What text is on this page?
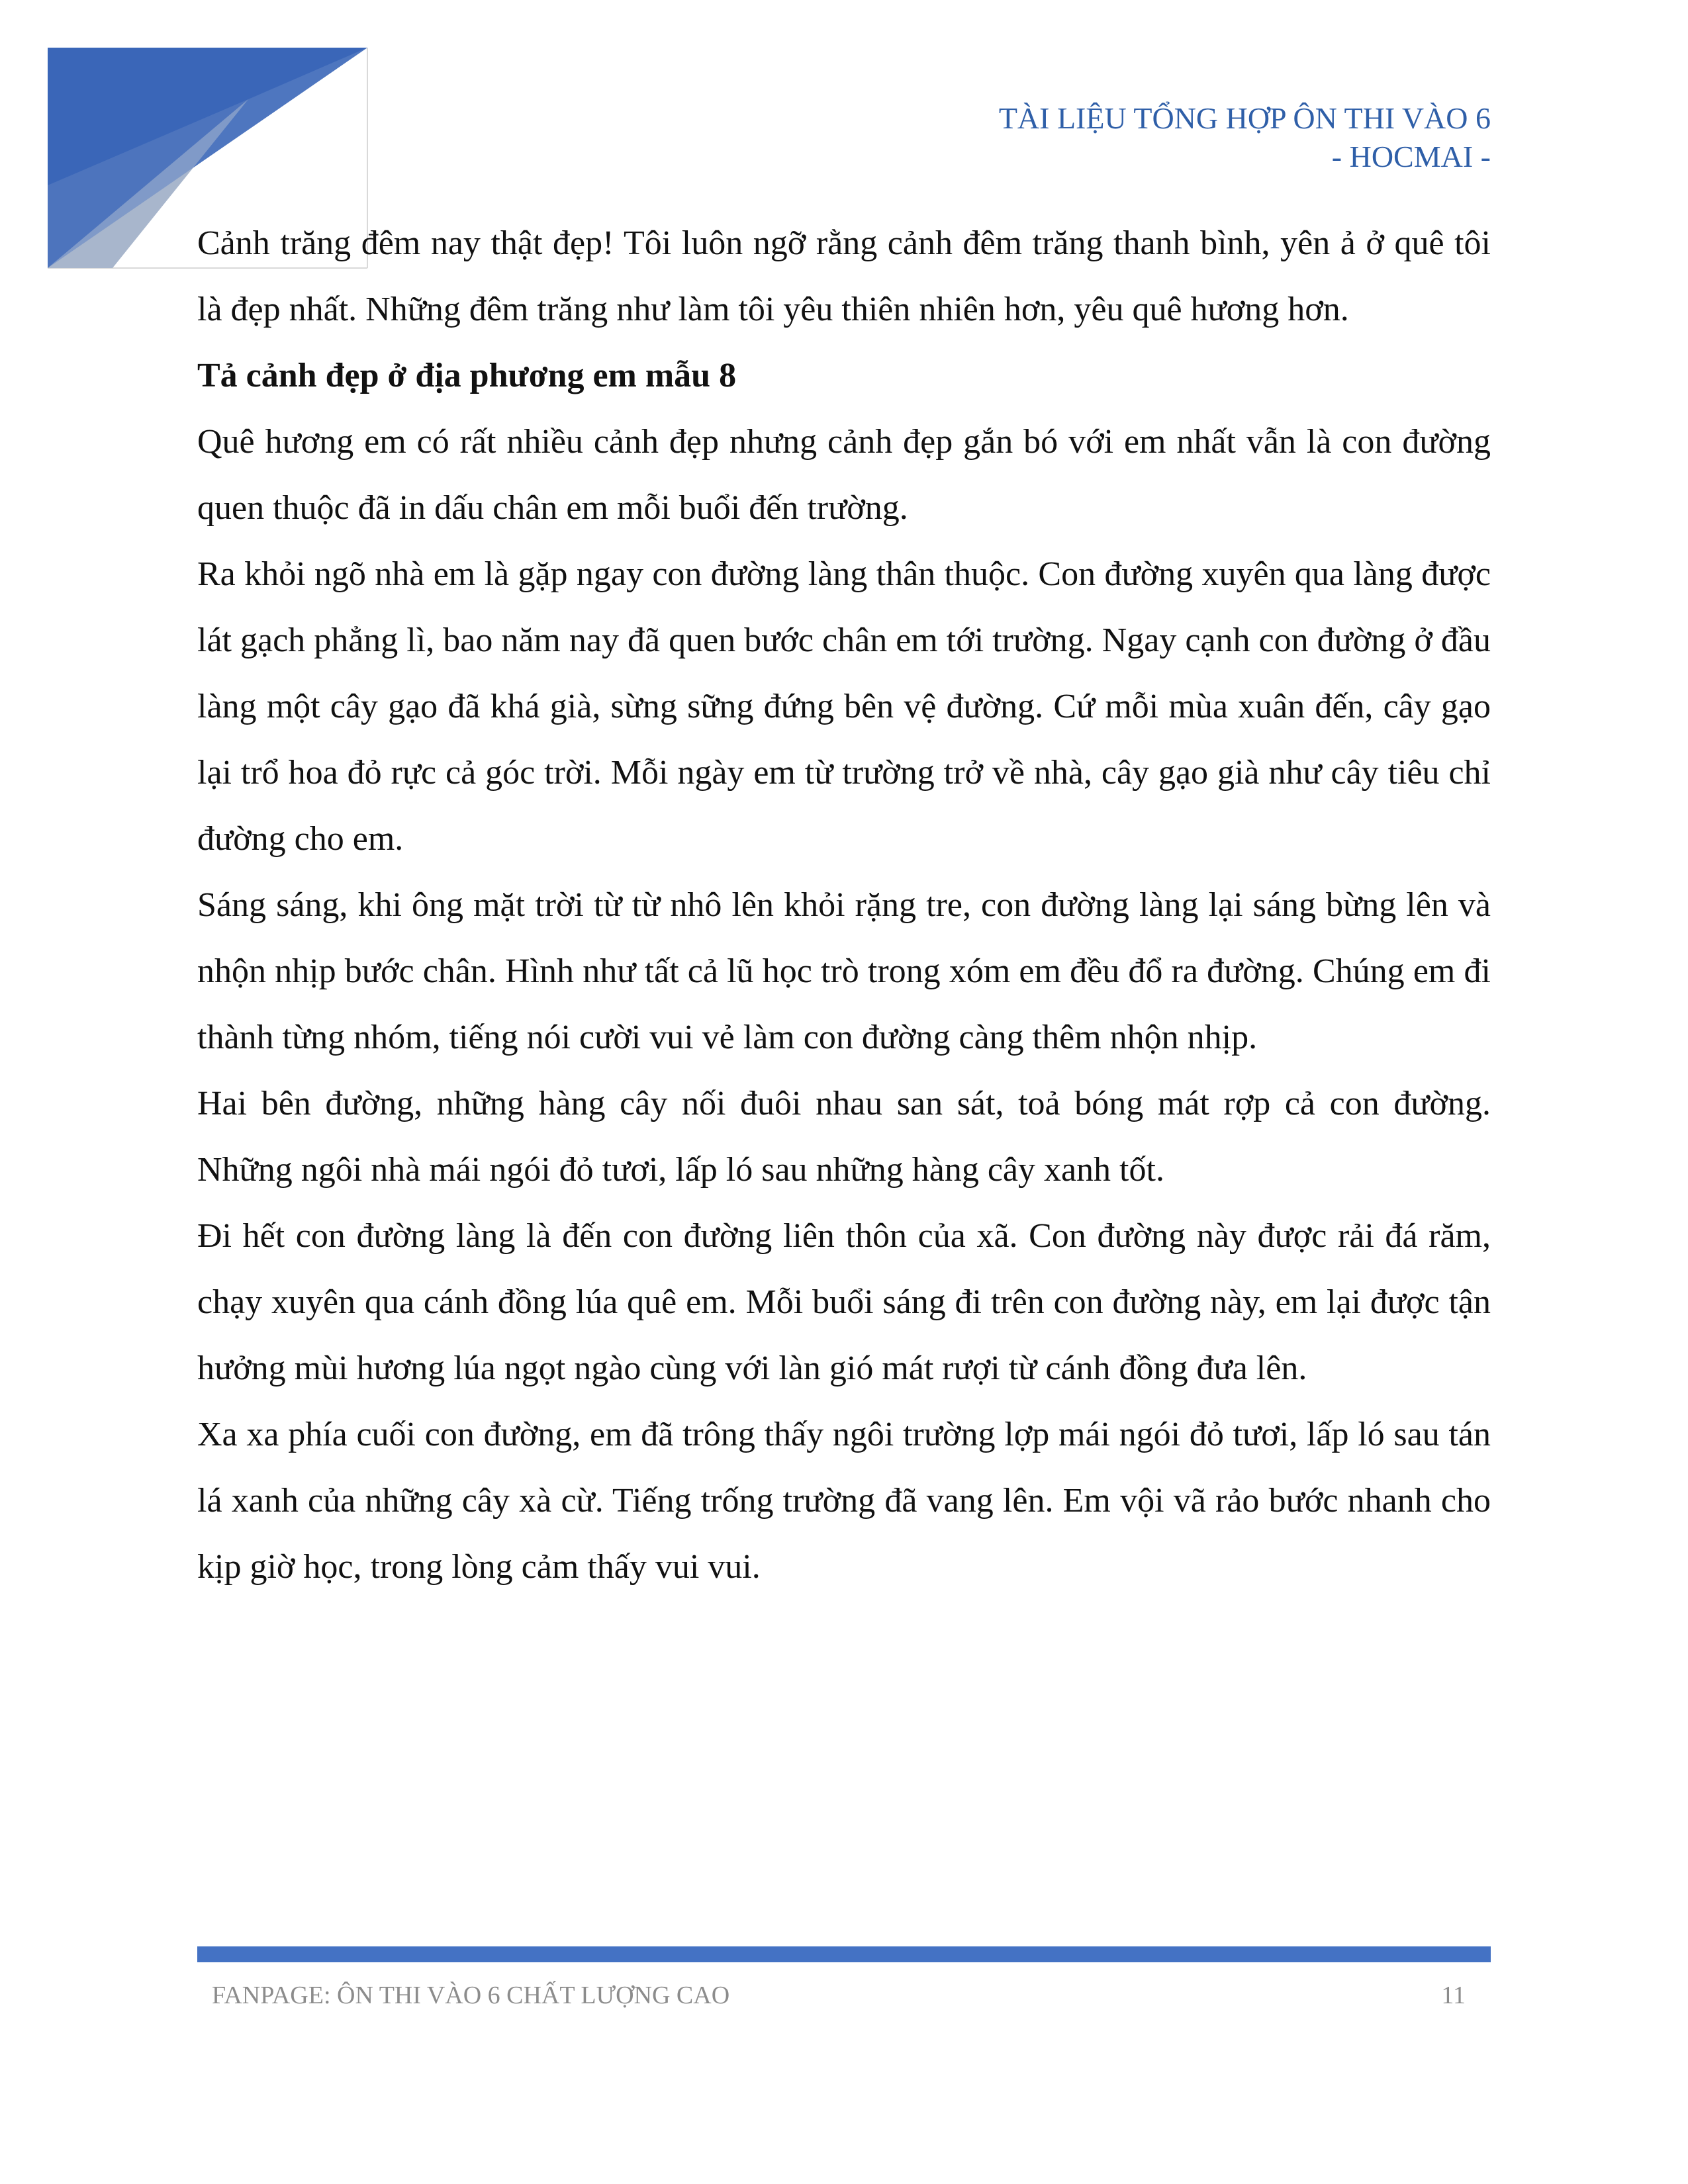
TÀI LIỆU TỔNG HỢP ÔN THI VÀO 6
- HOCMAI -

Cảnh trăng đêm nay thật đẹp! Tôi luôn ngỡ rằng cảnh đêm trăng thanh bình, yên ả ở quê tôi là đẹp nhất. Những đêm trăng như làm tôi yêu thiên nhiên hơn, yêu quê hương hơn.

Tả cảnh đẹp ở địa phương em mẫu 8

Quê hương em có rất nhiều cảnh đẹp nhưng cảnh đẹp gắn bó với em nhất vẫn là con đường quen thuộc đã in dấu chân em mỗi buổi đến trường.

Ra khỏi ngõ nhà em là gặp ngay con đường làng thân thuộc. Con đường xuyên qua làng được lát gạch phẳng lì, bao năm nay đã quen bước chân em tới trường. Ngay cạnh con đường ở đầu làng một cây gạo đã khá già, sừng sững đứng bên vệ đường. Cứ mỗi mùa xuân đến, cây gạo lại trổ hoa đỏ rực cả góc trời. Mỗi ngày em từ trường trở về nhà, cây gạo già như cây tiêu chỉ đường cho em.

Sáng sáng, khi ông mặt trời từ từ nhô lên khỏi rặng tre, con đường làng lại sáng bừng lên và nhộn nhịp bước chân. Hình như tất cả lũ học trò trong xóm em đều đổ ra đường. Chúng em đi thành từng nhóm, tiếng nói cười vui vẻ làm con đường càng thêm nhộn nhịp.

Hai bên đường, những hàng cây nối đuôi nhau san sát, toả bóng mát rợp cả con đường. Những ngôi nhà mái ngói đỏ tươi, lấp ló sau những hàng cây xanh tốt.

Đi hết con đường làng là đến con đường liên thôn của xã. Con đường này được rải đá răm, chạy xuyên qua cánh đồng lúa quê em. Mỗi buổi sáng đi trên con đường này, em lại được tận hưởng mùi hương lúa ngọt ngào cùng với làn gió mát rượi từ cánh đồng đưa lên.

Xa xa phía cuối con đường, em đã trông thấy ngôi trường lợp mái ngói đỏ tươi, lấp ló sau tán lá xanh của những cây xà cừ. Tiếng trống trường đã vang lên. Em vội vã rảo bước nhanh cho kịp giờ học, trong lòng cảm thấy vui vui.

FANPAGE: ÔN THI VÀO 6 CHẤT LƯỢNG CAO	11
